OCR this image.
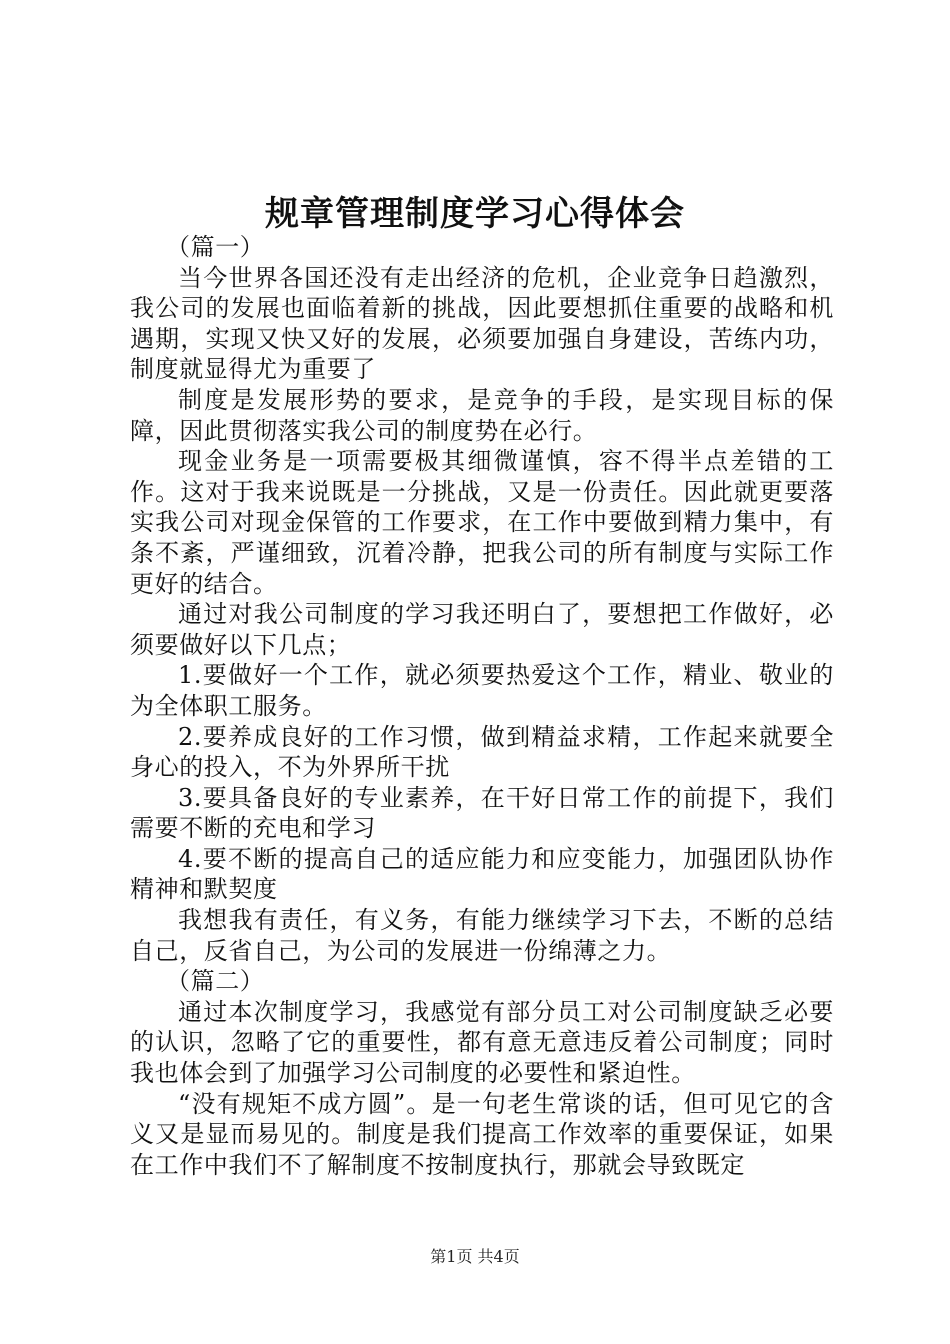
规章管理制度学习心得体会

（篇一）

当今世界各国还没有走出经济的危机，企业竞争日趋激烈，我公司的发展也面临着新的挑战，因此要想抓住重要的战略和机遇期，实现又快又好的发展，必须要加强自身建设，苦练内功，制度就显得尤为重要了

制度是发展形势的要求，是竞争的手段，是实现目标的保障，因此贯彻落实我公司的制度势在必行。

现金业务是一项需要极其细微谨慎，容不得半点差错的工作。这对于我来说既是一分挑战，又是一份责任。因此就更要落实我公司对现金保管的工作要求，在工作中要做到精力集中，有条不紊，严谨细致，沉着冷静，把我公司的所有制度与实际工作更好的结合。

通过对我公司制度的学习我还明白了，要想把工作做好，必须要做好以下几点；

1.要做好一个工作，就必须要热爱这个工作，精业、敬业的为全体职工服务。

2.要养成良好的工作习惯，做到精益求精，工作起来就要全身心的投入，不为外界所干扰

3.要具备良好的专业素养，在干好日常工作的前提下，我们需要不断的充电和学习

4.要不断的提高自己的适应能力和应变能力，加强团队协作精神和默契度

我想我有责任，有义务，有能力继续学习下去，不断的总结自己，反省自己，为公司的发展进一份绵薄之力。

（篇二）

通过本次制度学习，我感觉有部分员工对公司制度缺乏必要的认识，忽略了它的重要性，都有意无意违反着公司制度；同时我也体会到了加强学习公司制度的必要性和紧迫性。

“没有规矩不成方圆”。是一句老生常谈的话，但可见它的含义又是显而易见的。制度是我们提高工作效率的重要保证，如果在工作中我们不了解制度不按制度执行，那就会导致既定

第1页 共4页
